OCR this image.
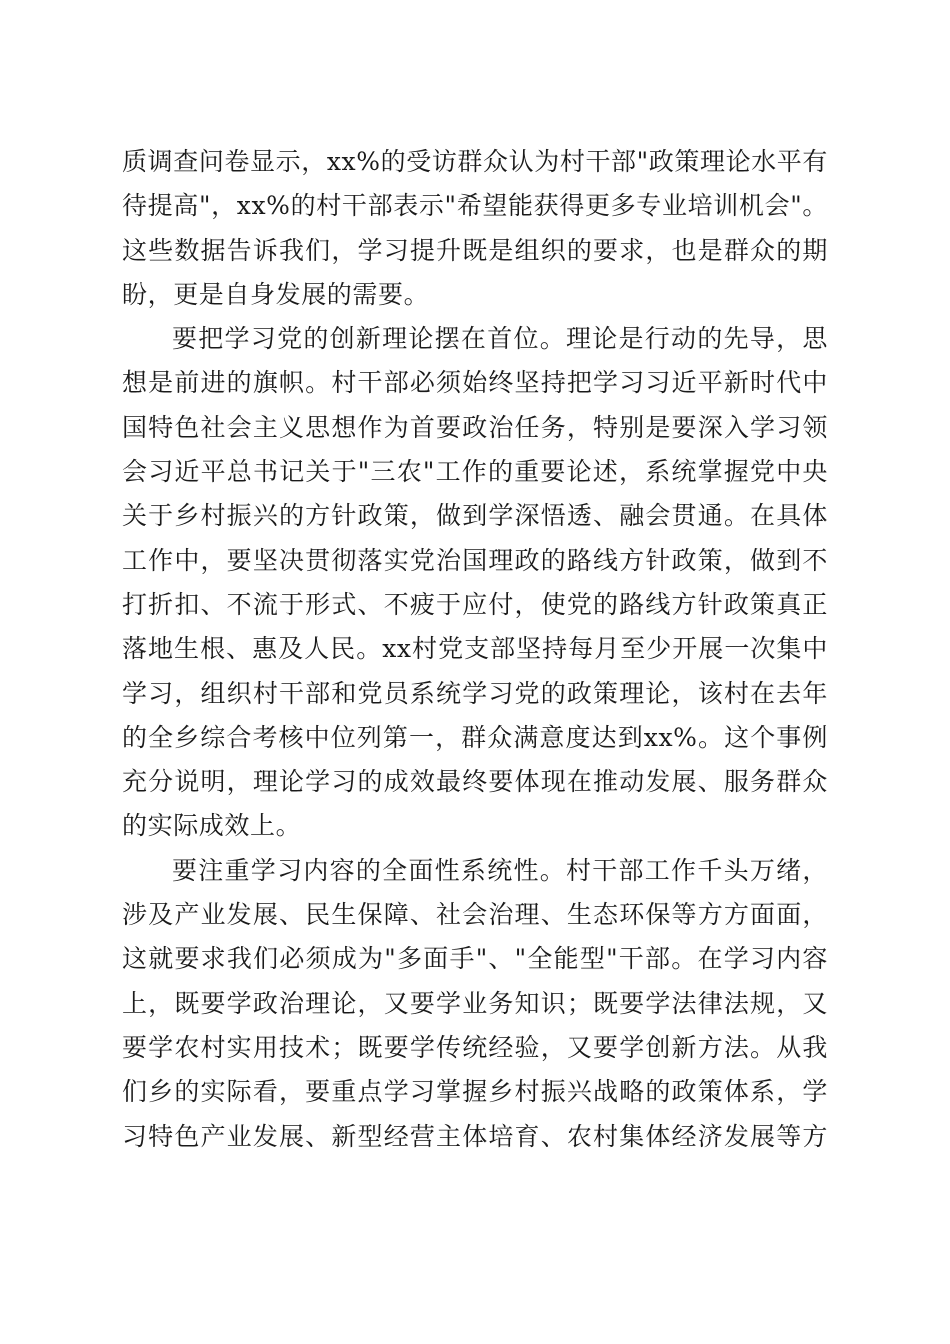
质调查问卷显示，xx%的受访群众认为村干部"政策理论水平有
待提高"，xx%的村干部表示"希望能获得更多专业培训机会"。
这些数据告诉我们，学习提升既是组织的要求，也是群众的期
盼，更是自身发展的需要。
要把学习党的创新理论摆在首位。理论是行动的先导，思
想是前进的旗帜。村干部必须始终坚持把学习习近平新时代中
国特色社会主义思想作为首要政治任务，特别是要深入学习领
会习近平总书记关于"三农"工作的重要论述，系统掌握党中央
关于乡村振兴的方针政策，做到学深悟透、融会贯通。在具体
工作中，要坚决贯彻落实党治国理政的路线方针政策，做到不
打折扣、不流于形式、不疲于应付，使党的路线方针政策真正
落地生根、惠及人民。xx村党支部坚持每月至少开展一次集中
学习，组织村干部和党员系统学习党的政策理论，该村在去年
的全乡综合考核中位列第一，群众满意度达到xx%。这个事例
充分说明，理论学习的成效最终要体现在推动发展、服务群众
的实际成效上。
要注重学习内容的全面性系统性。村干部工作千头万绪，
涉及产业发展、民生保障、社会治理、生态环保等方方面面，
这就要求我们必须成为"多面手"、"全能型"干部。在学习内容
上，既要学政治理论，又要学业务知识；既要学法律法规，又
要学农村实用技术；既要学传统经验，又要学创新方法。从我
们乡的实际看，要重点学习掌握乡村振兴战略的政策体系，学
习特色产业发展、新型经营主体培育、农村集体经济发展等方
